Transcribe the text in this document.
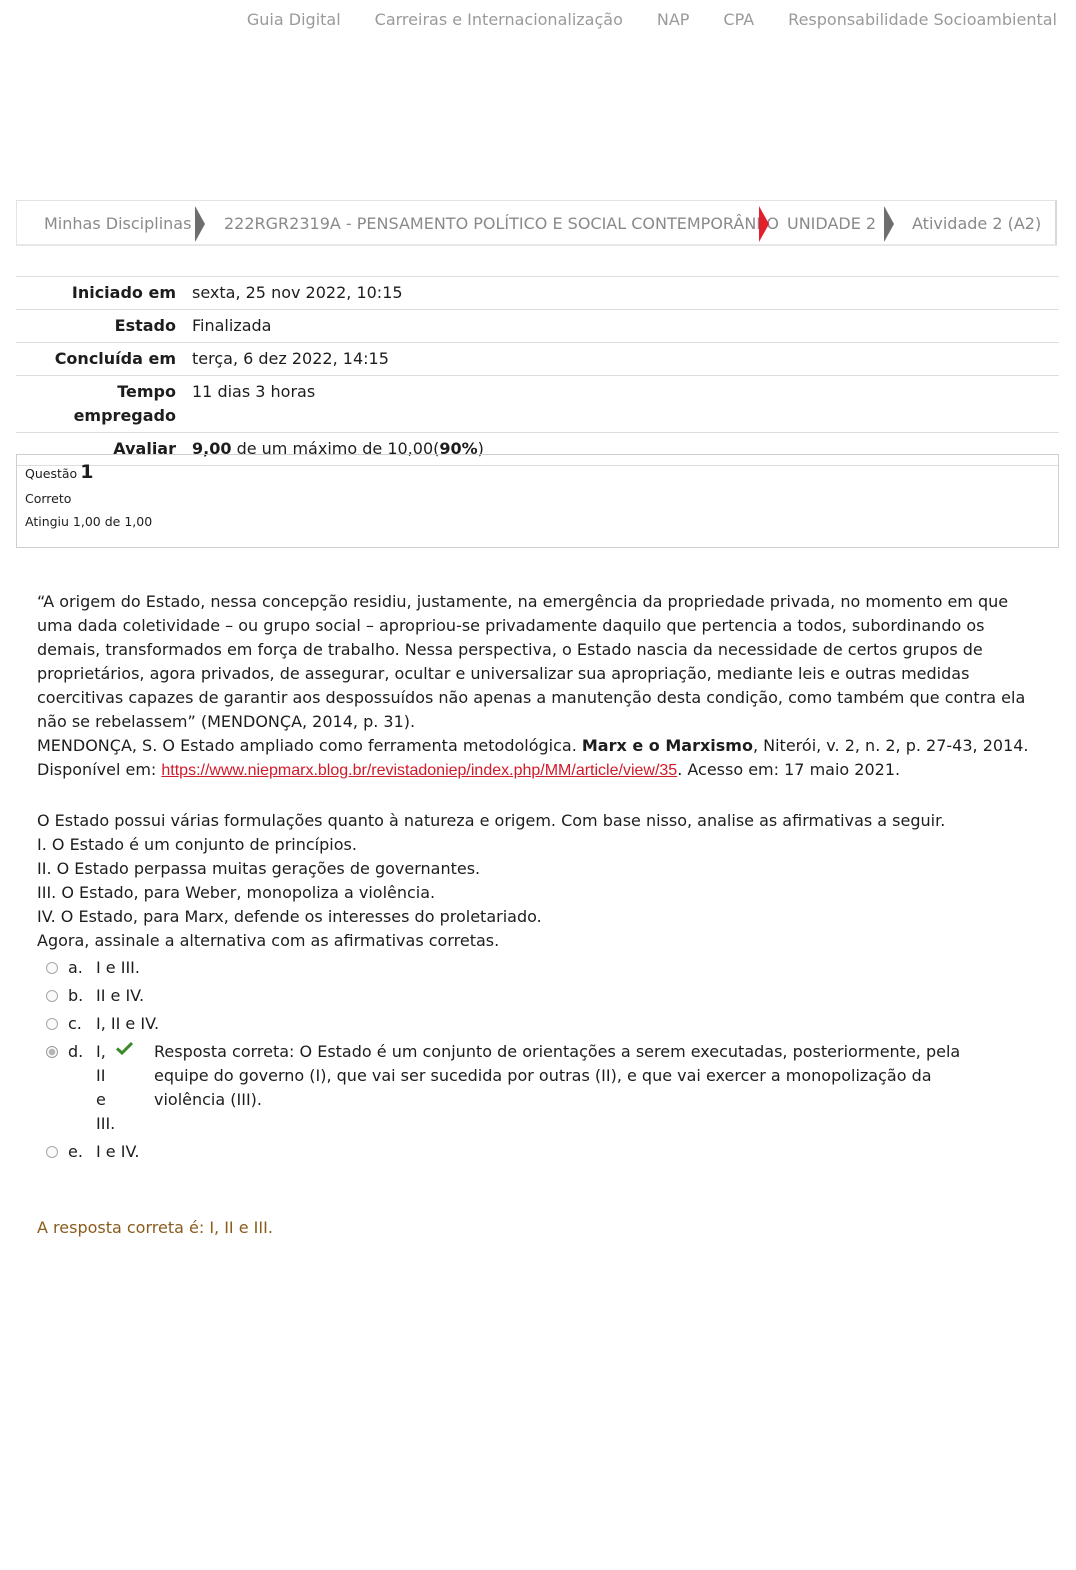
Guia Digital	Carreiras e Internacionalização	NAP	CPA	Responsabilidade Socioambiental
Minhas Disciplinas 222RGR2319A - PENSAMENTO POLÍTICO E SOCIAL CONTEMPORÂNEO UNIDADE 2 Atividade 2 (A2)
Iniciado em	sexta, 25 nov 2022, 10:15
Estado	Finalizada
Concluída em	terça, 6 dez 2022, 14:15
Tempo empregado	11 dias 3 horas
Avaliar	9,00 de um máximo de 10,00(90%)
Questão 1
Correto
Atingiu 1,00 de 1,00

“A origem do Estado, nessa concepção residiu, justamente, na emergência da propriedade privada, no momento em que uma dada coletividade – ou grupo social – apropriou-se privadamente daquilo que pertencia a todos, subordinando os demais, transformados em força de trabalho. Nessa perspectiva, o Estado nascia da necessidade de certos grupos de proprietários, agora privados, de assegurar, ocultar e universalizar sua apropriação, mediante leis e outras medidas coercitivas capazes de garantir aos despossuídos não apenas a manutenção desta condição, como também que contra ela não se rebelassem” (MENDONÇA, 2014, p. 31).

MENDONÇA, S. O Estado ampliado como ferramenta metodológica. Marx e o Marxismo, Niterói, v. 2, n. 2, p. 27-43, 2014. Disponível em: https://www.niepmarx.blog.br/revistadoniep/index.php/MM/article/view/35. Acesso em: 17 maio 2021.

O Estado possui várias formulações quanto à natureza e origem. Com base nisso, analise as afirmativas a seguir.

I. O Estado é um conjunto de princípios.

II. O Estado perpassa muitas gerações de governantes.

III. O Estado, para Weber, monopoliza a violência.

IV. O Estado, para Marx, defende os interesses do proletariado.

Agora, assinale a alternativa com as afirmativas corretas.

a. I e III.
b. II e IV.
c. I, II e IV.
d. I,
II
e
III.
Resposta correta: O Estado é um conjunto de orientações a serem executadas, posteriormente, pela equipe do governo (I), que vai ser sucedida por outras (II), e que vai exercer a monopolização da violência (III).
e. I e IV.
A resposta correta é: I, II e III.
